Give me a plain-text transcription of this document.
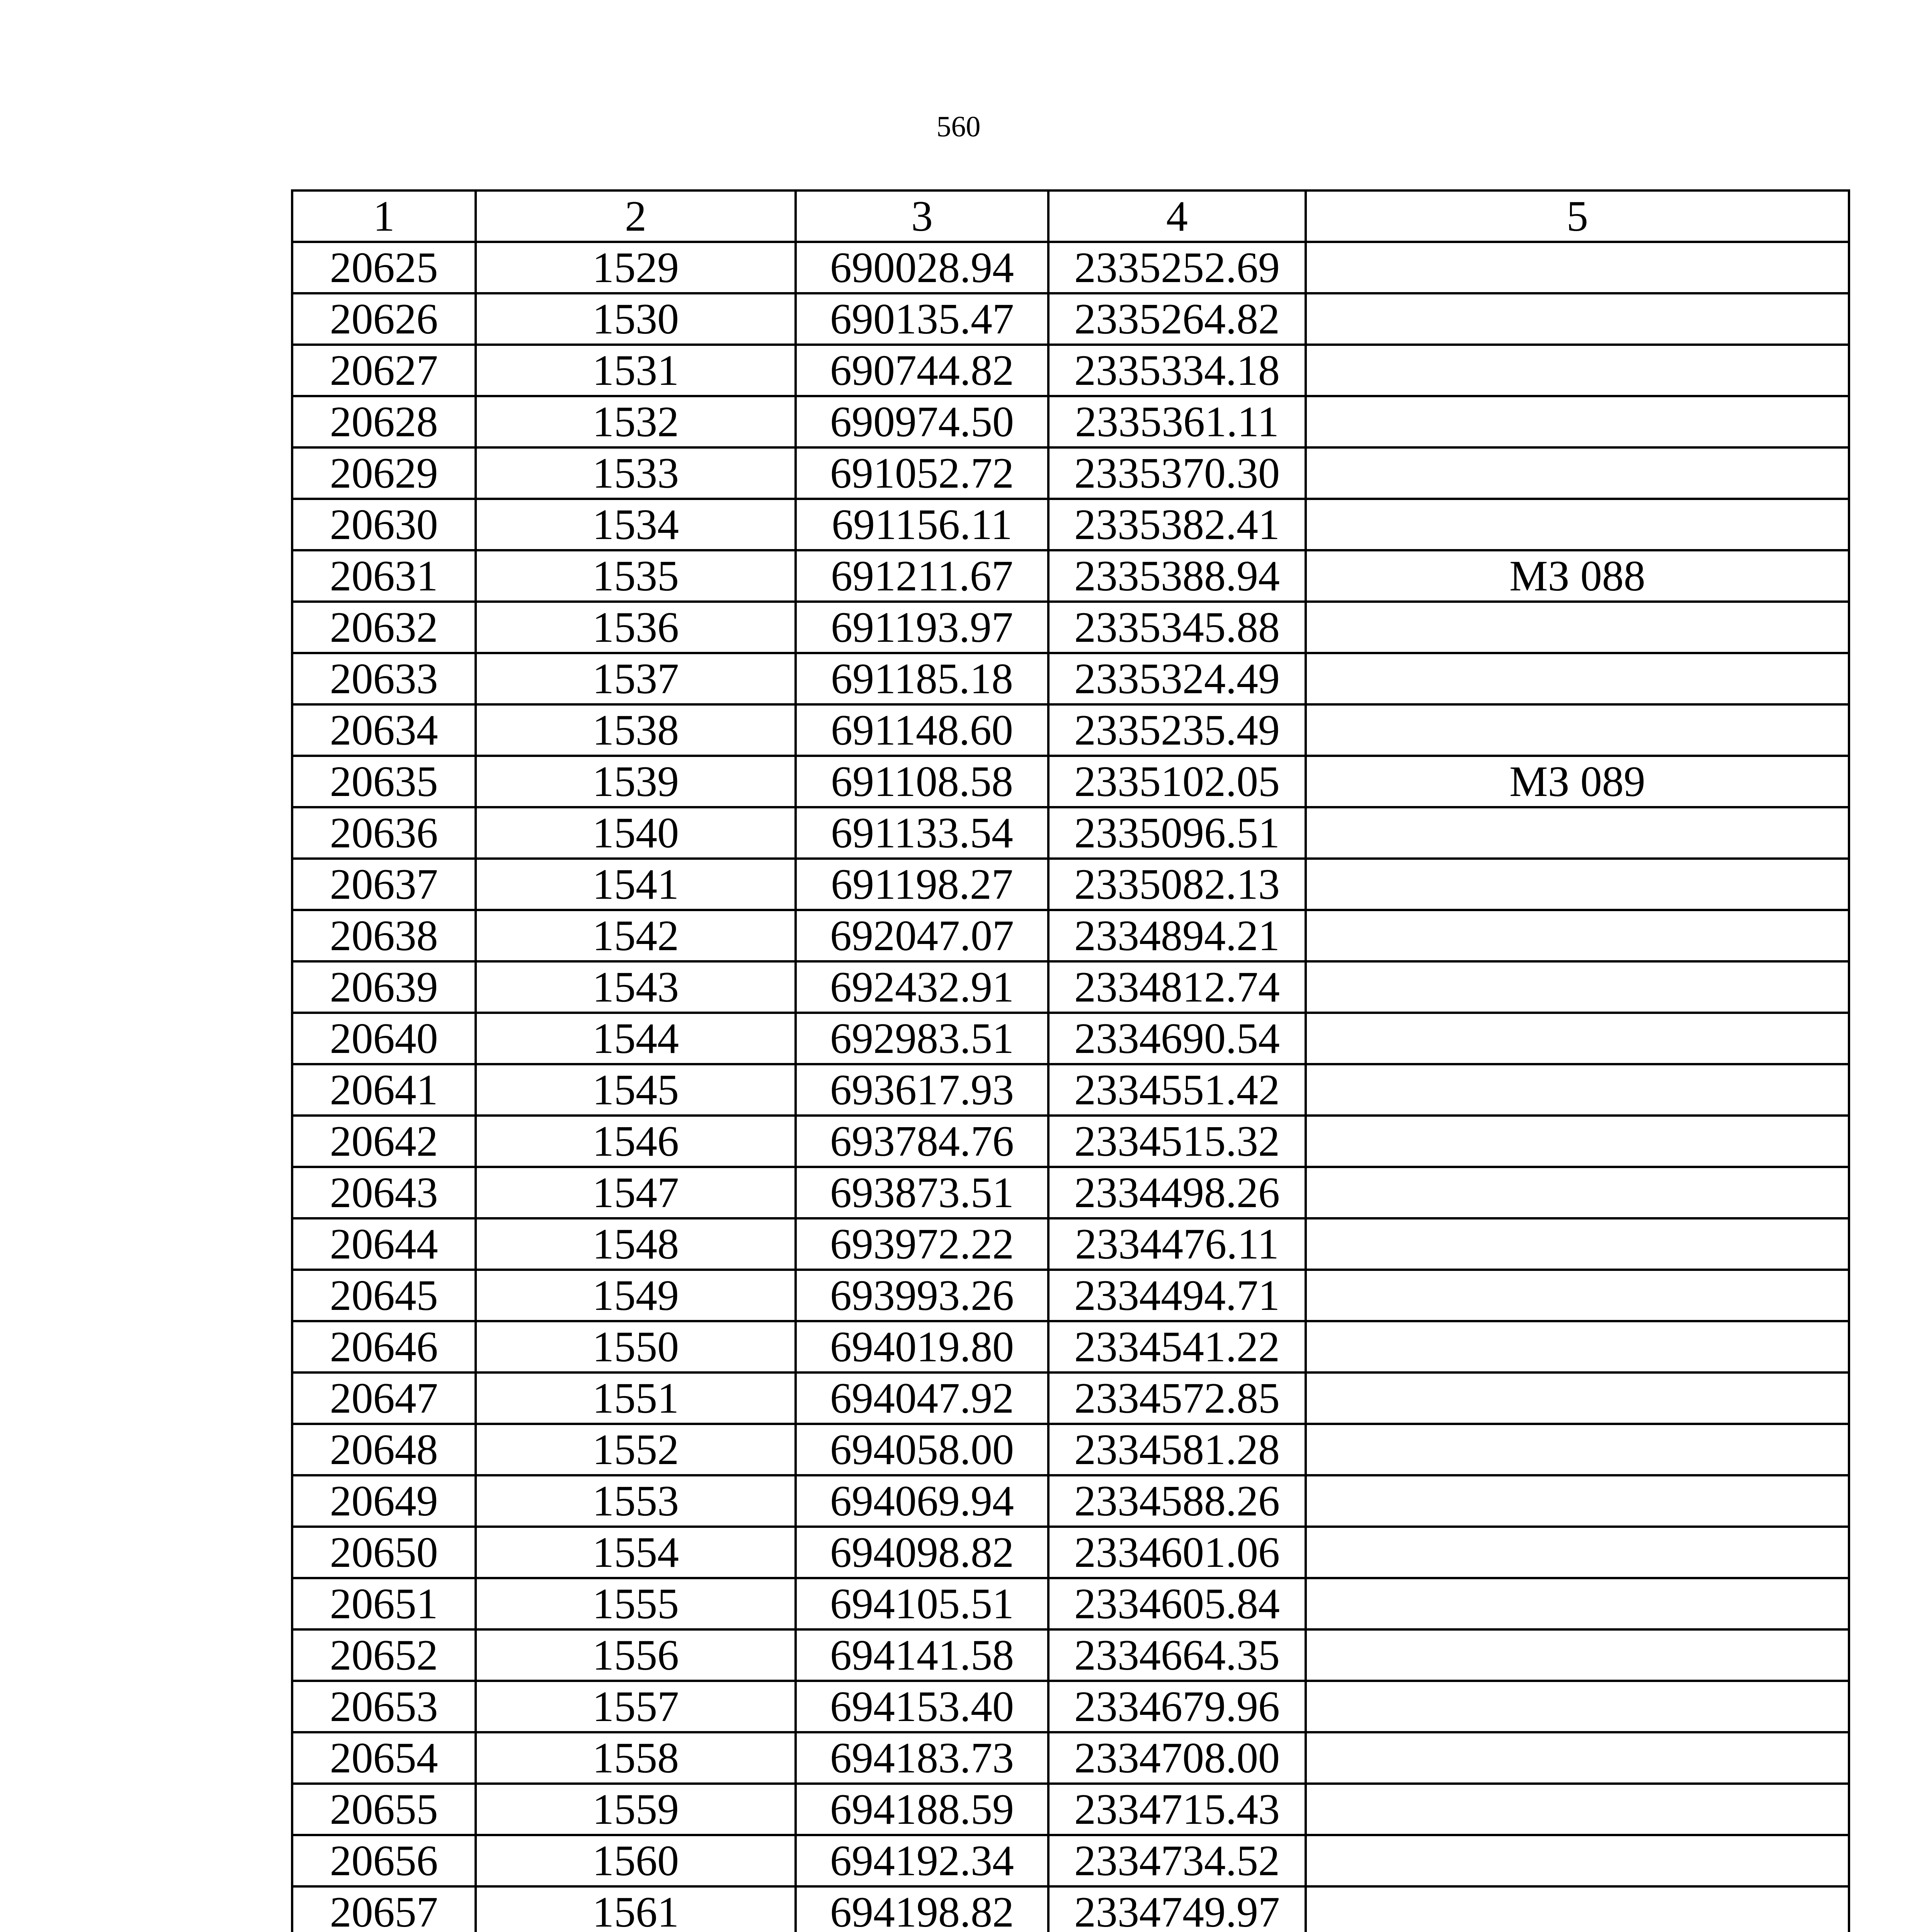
560
1	2	3	4	5
20625	1529	690028.94	2335252.69	
20626	1530	690135.47	2335264.82	
20627	1531	690744.82	2335334.18	
20628	1532	690974.50	2335361.11	
20629	1533	691052.72	2335370.30	
20630	1534	691156.11	2335382.41	
20631	1535	691211.67	2335388.94	МЗ 088
20632	1536	691193.97	2335345.88	
20633	1537	691185.18	2335324.49	
20634	1538	691148.60	2335235.49	
20635	1539	691108.58	2335102.05	МЗ 089
20636	1540	691133.54	2335096.51	
20637	1541	691198.27	2335082.13	
20638	1542	692047.07	2334894.21	
20639	1543	692432.91	2334812.74	
20640	1544	692983.51	2334690.54	
20641	1545	693617.93	2334551.42	
20642	1546	693784.76	2334515.32	
20643	1547	693873.51	2334498.26	
20644	1548	693972.22	2334476.11	
20645	1549	693993.26	2334494.71	
20646	1550	694019.80	2334541.22	
20647	1551	694047.92	2334572.85	
20648	1552	694058.00	2334581.28	
20649	1553	694069.94	2334588.26	
20650	1554	694098.82	2334601.06	
20651	1555	694105.51	2334605.84	
20652	1556	694141.58	2334664.35	
20653	1557	694153.40	2334679.96	
20654	1558	694183.73	2334708.00	
20655	1559	694188.59	2334715.43	
20656	1560	694192.34	2334734.52	
20657	1561	694198.82	2334749.97	
